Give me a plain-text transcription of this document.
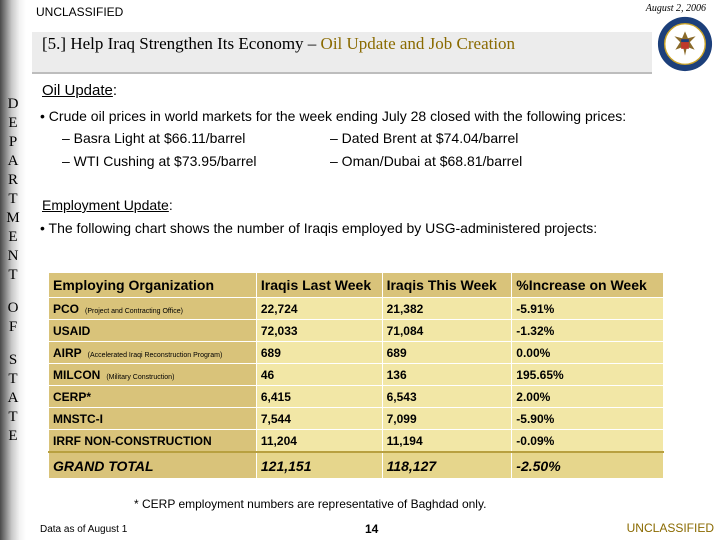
D
E
P
A
R
T
M
E
N
T
O
F
S
T
A
T
E
UNCLASSIFIED	August 2, 2006
[5.] Help Iraq Strengthen Its Economy – Oil Update and Job Creation
Oil Update:
• Crude oil prices in world markets for the week ending July 28 closed with the following prices:
– Basra Light at $66.11/barrel	– Dated Brent at $74.04/barrel
– WTI Cushing at $73.95/barrel	– Oman/Dubai at $68.81/barrel
Employment Update:
• The following chart shows the number of Iraqis employed by USG-administered projects:
Employing Organization	Iraqis Last Week	Iraqis This Week	%Increase on Week
PCO (Project and Contracting Office)	22,724	21,382	-5.91%
USAID	72,033	71,084	-1.32%
AIRP (Accelerated Iraqi Reconstruction Program)	689	689	0.00%
MILCON (Military Construction)	46	136	195.65%
CERP*	6,415	6,543	2.00%
MNSTC-I	7,544	7,099	-5.90%
IRRF NON-CONSTRUCTION	11,204	11,194	-0.09%
GRAND TOTAL	121,151	118,127	-2.50%
* CERP employment numbers are representative of Baghdad only.
Data as of August 1	14	UNCLASSIFIED
